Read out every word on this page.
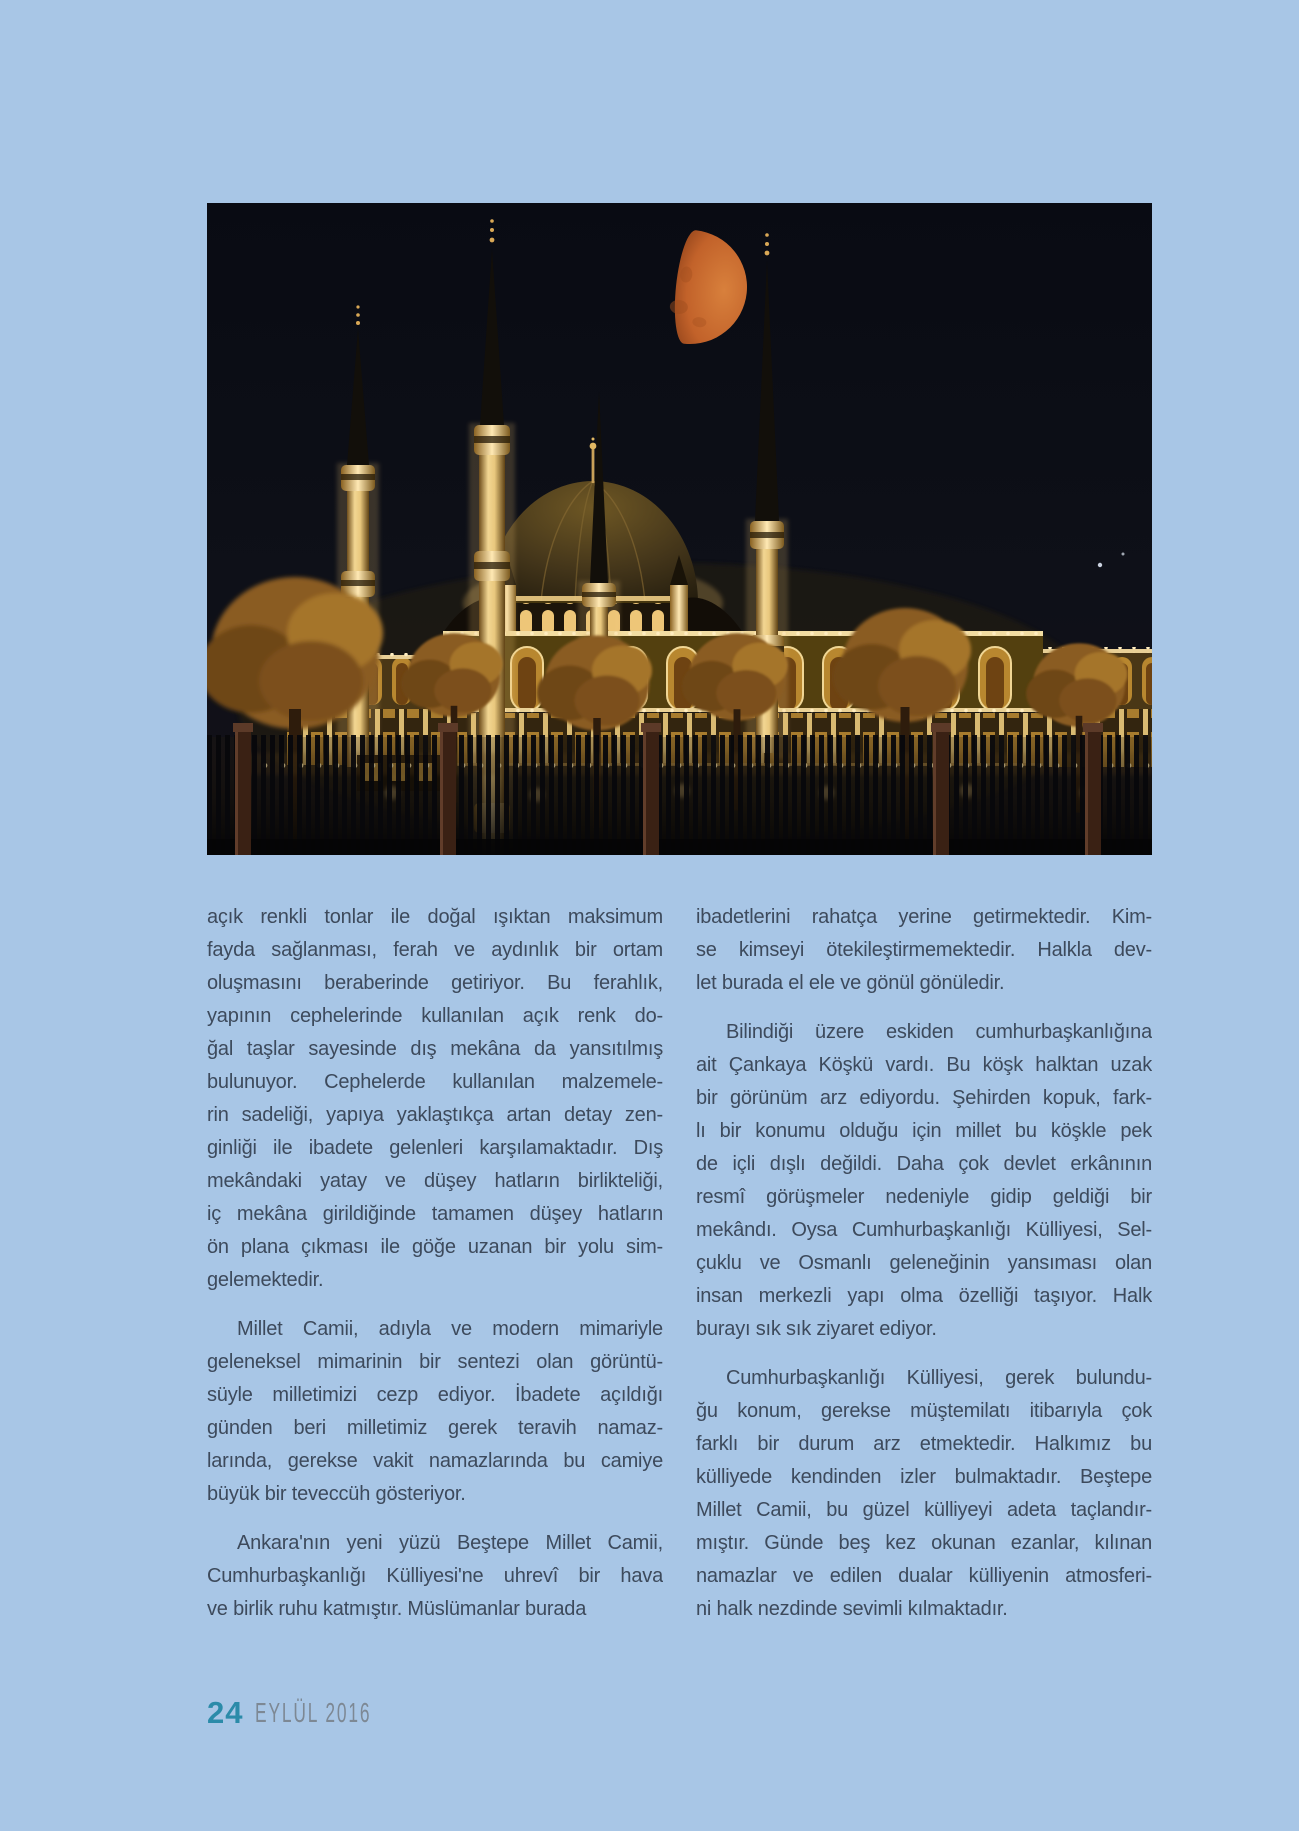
açık renkli tonlar ile doğal ışıktan maksimum
fayda sağlanması, ferah ve aydınlık bir ortam
oluşmasını beraberinde getiriyor. Bu ferahlık,
yapının cephelerinde kullanılan açık renk do-
ğal taşlar sayesinde dış mekâna da yansıtılmış
bulunuyor. Cephelerde kullanılan malzemele-
rin sadeliği, yapıya yaklaştıkça artan detay zen-
ginliği ile ibadete gelenleri karşılamaktadır. Dış
mekândaki yatay ve düşey hatların birlikteliği,
iç mekâna girildiğinde tamamen düşey hatların
ön plana çıkması ile göğe uzanan bir yolu sim-
gelemektedir.
Millet Camii, adıyla ve modern mimariyle
geleneksel mimarinin bir sentezi olan görüntü-
süyle milletimizi cezp ediyor. İbadete açıldığı
günden beri milletimiz gerek teravih namaz-
larında, gerekse vakit namazlarında bu camiye
büyük bir teveccüh gösteriyor.
Ankara'nın yeni yüzü Beştepe Millet Camii,
Cumhurbaşkanlığı Külliyesi'ne uhrevî bir hava
ve birlik ruhu katmıştır. Müslümanlar burada
ibadetlerini rahatça yerine getirmektedir. Kim-
se kimseyi ötekileştirmemektedir. Halkla dev-
let burada el ele ve gönül gönüledir.
Bilindiği üzere eskiden cumhurbaşkanlığına
ait Çankaya Köşkü vardı. Bu köşk halktan uzak
bir görünüm arz ediyordu. Şehirden kopuk, fark-
lı bir konumu olduğu için millet bu köşkle pek
de içli dışlı değildi. Daha çok devlet erkânının
resmî görüşmeler nedeniyle gidip geldiği bir
mekândı. Oysa Cumhurbaşkanlığı Külliyesi, Sel-
çuklu ve Osmanlı geleneğinin yansıması olan
insan merkezli yapı olma özelliği taşıyor. Halk
burayı sık sık ziyaret ediyor.
Cumhurbaşkanlığı Külliyesi, gerek bulundu-
ğu konum, gerekse müştemilatı itibarıyla çok
farklı bir durum arz etmektedir. Halkımız bu
külliyede kendinden izler bulmaktadır. Beştepe
Millet Camii, bu güzel külliyeyi adeta taçlandır-
mıştır. Günde beş kez okunan ezanlar, kılınan
namazlar ve edilen dualar külliyenin atmosferi-
ni halk nezdinde sevimli kılmaktadır.
24 EYLÜL 2016
